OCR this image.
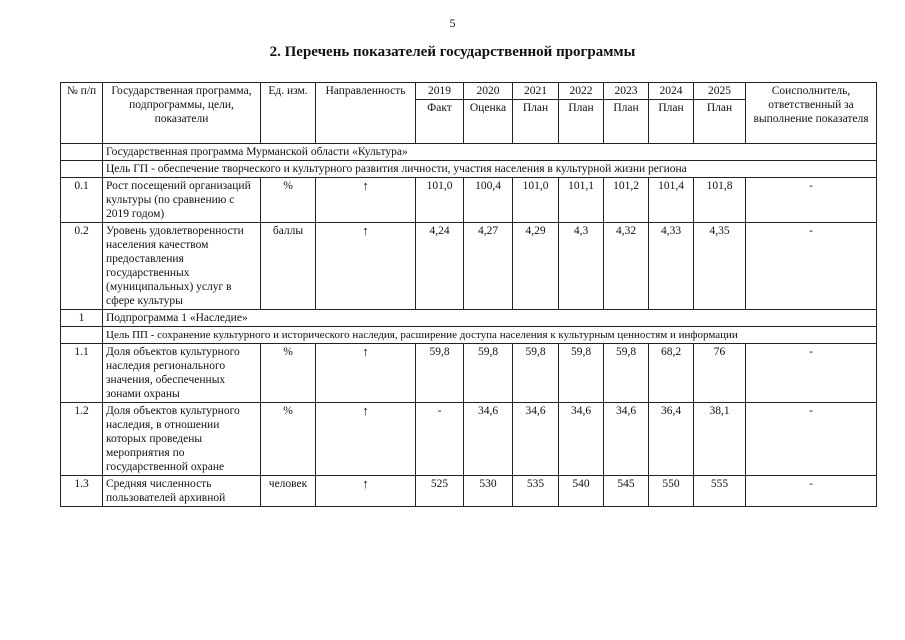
5
2. Перечень показателей государственной программы
№ п/п	Государственная программа, подпрограммы, цели, показатели	Ед. изм.	Направленность	2019	2020	2021	2022	2023	2024	2025	Соисполнитель, ответственный за выполнение показателя
				Факт	Оценка	План	План	План	План	План	
	Государственная программа Мурманской области «Культура»										
	Цель ГП - обеспечение творческого и культурного развития личности, участия населения в культурной жизни региона										
0.1	Рост посещений организаций культуры (по сравнению с 2019 годом)	%	↑	101,0	100,4	101,0	101,1	101,2	101,4	101,8	-
0.2	Уровень удовлетворенности населения качеством предоставления государственных (муниципальных) услуг в сфере культуры	баллы	↑	4,24	4,27	4,29	4,3	4,32	4,33	4,35	-
1	Подпрограмма 1 «Наследие»										
	Цель ПП - сохранение культурного и исторического наследия, расширение доступа населения к культурным ценностям и информации										
1.1	Доля объектов культурного наследия регионального значения, обеспеченных зонами охраны	%	↑	59,8	59,8	59,8	59,8	59,8	68,2	76	-
1.2	Доля объектов культурного наследия, в отношении которых проведены мероприятия по государственной охране	%	↑	-	34,6	34,6	34,6	34,6	36,4	38,1	-
1.3	Средняя численность пользователей архивной	человек	↑	525	530	535	540	545	550	555	-
